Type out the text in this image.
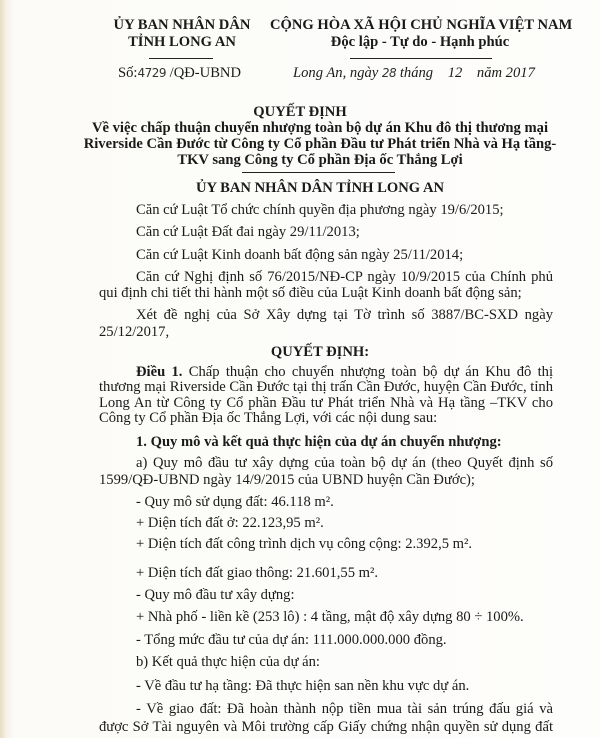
ỦY BAN NHÂN DÂN
TỈNH LONG AN
CỘNG HÒA XÃ HỘI CHỦ NGHĨA VIỆT NAM
Độc lập - Tự do - Hạnh phúc
Số:4729 /QĐ-UBND	Long An, ngày 28 tháng    12    năm 2017
QUYẾT ĐỊNH
Về việc chấp thuận chuyển nhượng toàn bộ dự án Khu đô thị thương mại
Riverside Cần Đước từ Công ty Cổ phần Đầu tư Phát triển Nhà và Hạ tầng-
TKV sang Công ty Cổ phần Địa ốc Thắng Lợi
ỦY BAN NHÂN DÂN TỈNH LONG AN
Căn cứ Luật Tổ chức chính quyền địa phương ngày 19/6/2015;
Căn cứ Luật Đất đai ngày 29/11/2013;
Căn cứ Luật Kinh doanh bất động sản ngày 25/11/2014;
Căn cứ Nghị định số 76/2015/NĐ-CP ngày 10/9/2015 của Chính phủ
qui định chi tiết thi hành một số điều của Luật Kinh doanh bất động sản;
Xét đề nghị của Sở Xây dựng tại Tờ trình số 3887/BC-SXD ngày
25/12/2017,
QUYẾT ĐỊNH:
Điều 1. Chấp thuận cho chuyển nhượng toàn bộ dự án Khu đô thị
thương mại Riverside Cần Đước tại thị trấn Cần Đước, huyện Cần Đước, tỉnh
Long An từ Công ty Cổ phần Đầu tư Phát triển Nhà và Hạ tầng –TKV cho
Công ty Cổ phần Địa ốc Thắng Lợi, với các nội dung sau:
1. Quy mô và kết quả thực hiện của dự án chuyển nhượng:
a) Quy mô đầu tư xây dựng của toàn bộ dự án (theo Quyết định số
1599/QĐ-UBND ngày 14/9/2015 của UBND huyện Cần Đước);
- Quy mô sử dụng đất: 46.118 m².
+ Diện tích đất ở: 22.123,95 m².
+ Diện tích đất công trình dịch vụ công cộng: 2.392,5 m².
+ Diện tích đất giao thông: 21.601,55 m².
- Quy mô đầu tư xây dựng:
+ Nhà phố - liền kề (253 lô) : 4 tầng, mật độ xây dựng 80 ÷ 100%.
- Tổng mức đầu tư của dự án: 111.000.000.000 đồng.
b) Kết quả thực hiện của dự án:
- Về đầu tư hạ tầng: Đã thực hiện san nền khu vực dự án.
- Về giao đất: Đã hoàn thành nộp tiền mua tài sản trúng đấu giá và
được Sở Tài nguyên và Môi trường cấp Giấy chứng nhận quyền sử dụng đất
